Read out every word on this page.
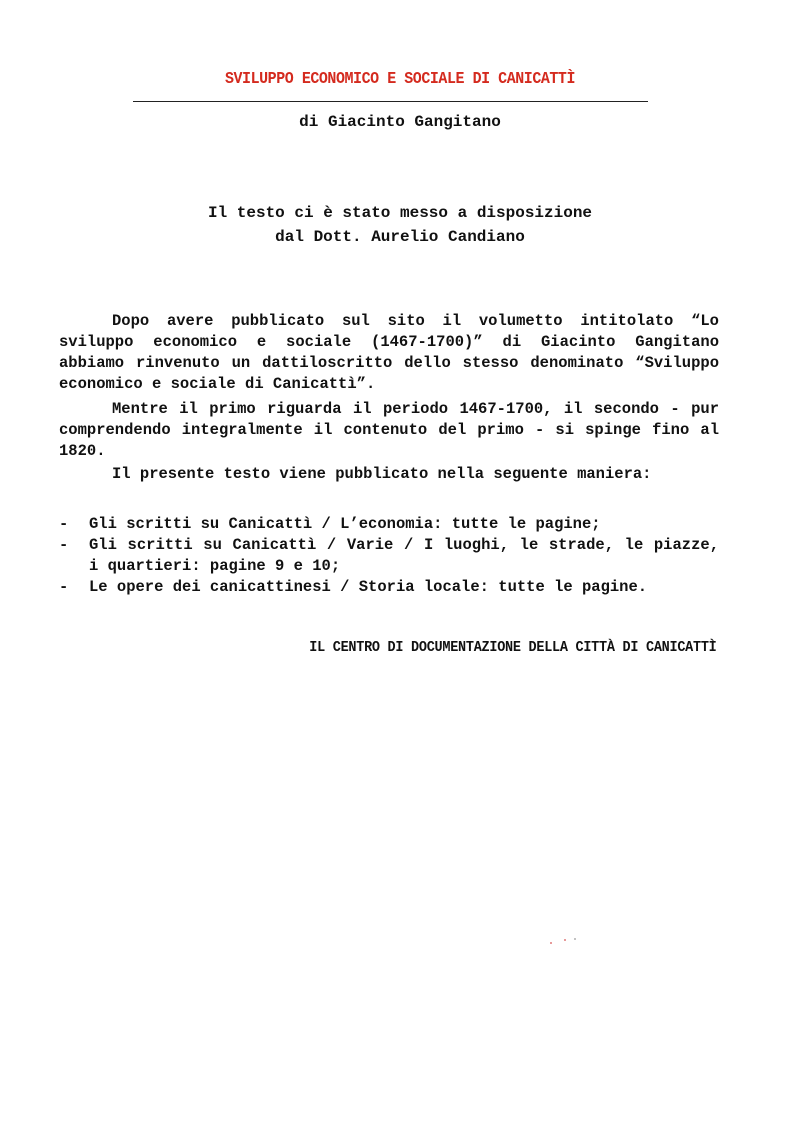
SVILUPPO ECONOMICO E SOCIALE DI CANICATTÌ
di Giacinto Gangitano
Il testo ci è stato messo a disposizione
dal Dott. Aurelio Candiano
Dopo avere pubblicato sul sito il volumetto intitolato “Lo sviluppo economico e sociale (1467-1700)” di Giacinto Gangitano abbiamo rinvenuto un dattiloscritto dello stesso denominato “Sviluppo economico e sociale di Canicattì”.
Mentre il primo riguarda il periodo 1467-1700, il secondo - pur comprendendo integralmente il contenuto del primo - si spinge fino al 1820.
Il presente testo viene pubblicato nella seguente maniera:
-	Gli scritti su Canicattì / L’economia: tutte le pagine;
-	Gli scritti su Canicattì / Varie / I luoghi, le strade, le piazze, i quartieri: pagine 9 e 10;
-	Le opere dei canicattinesi / Storia locale: tutte le pagine.
IL CENTRO DI DOCUMENTAZIONE DELLA CITTÀ DI CANICATTÌ
